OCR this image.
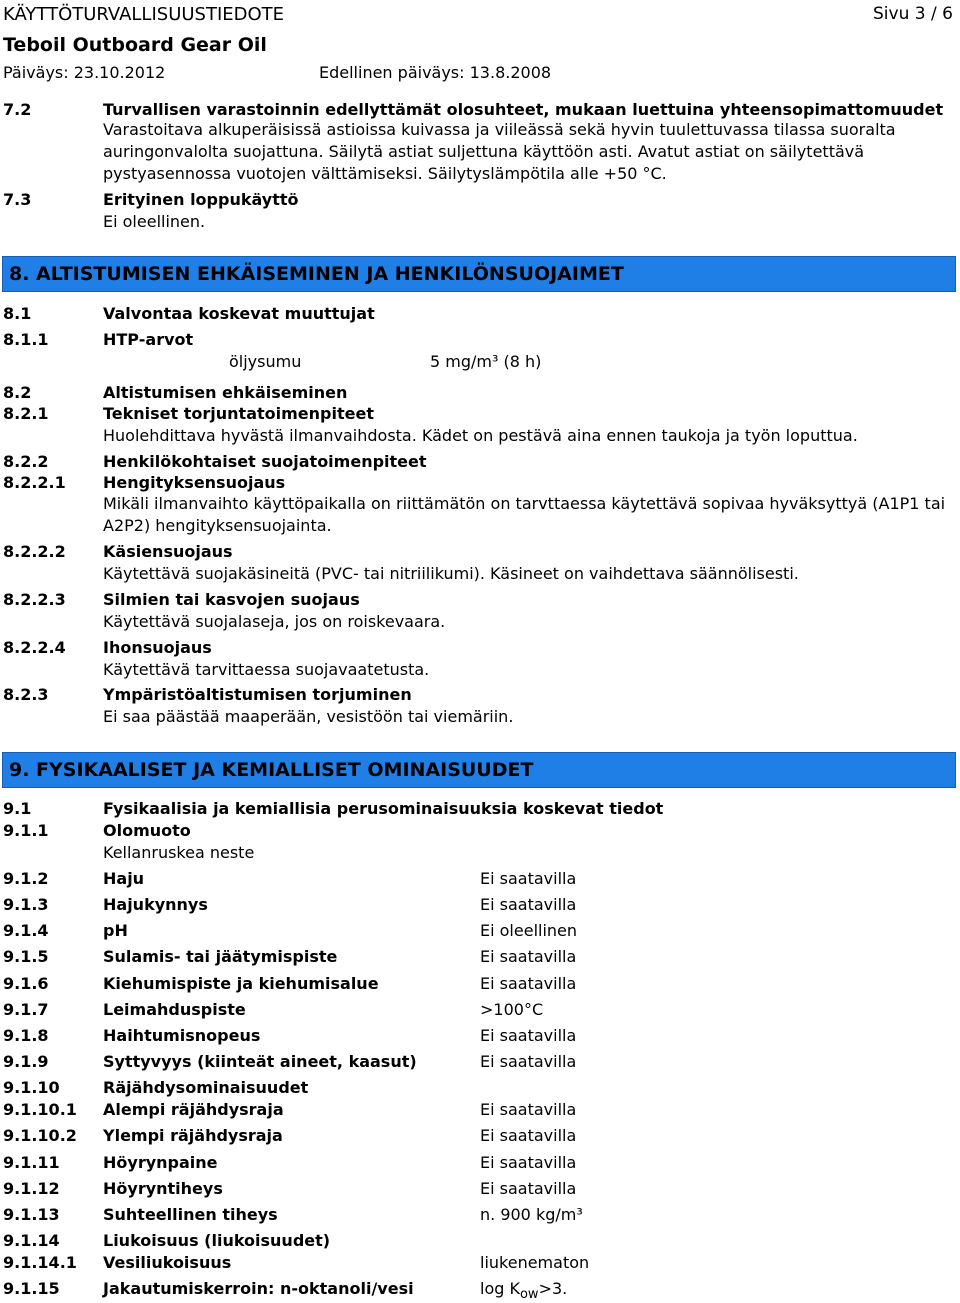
KÄYTTÖTURVALLISUUSTIEDOTE	Sivu 3 / 6
Teboil Outboard Gear Oil
Päiväys: 23.10.2012	Edellinen päiväys: 13.8.2008
7.2	Turvallisen varastoinnin edellyttämät olosuhteet, mukaan luettuina yhteensopimattomuudet
Varastoitava alkuperäisissä astioissa kuivassa ja viileässä sekä hyvin tuulettuvassa tilassa suoralta auringonvalolta suojattuna. Säilytä astiat suljettuna käyttöön asti. Avatut astiat on säilytettävä pystyasennossa vuotojen välttämiseksi. Säilytyslämpötila alle +50 °C.
7.3	Erityinen loppukäyttö
Ei oleellinen.
8. ALTISTUMISEN EHKÄISEMINEN JA HENKILÖNSUOJAIMET
8.1	Valvontaa koskevat muuttujat
8.1.1	HTP-arvot
öljysumu	5 mg/m³ (8 h)
8.2	Altistumisen ehkäiseminen
8.2.1	Tekniset torjuntatoimenpiteet
Huolehdittava hyvästä ilmanvaihdosta. Kädet on pestävä aina ennen taukoja ja työn loputtua.
8.2.2	Henkilökohtaiset suojatoimenpiteet
8.2.2.1 Hengityksensuojaus
Mikäli ilmanvaihto käyttöpaikalla on riittämätön on tarvttaessa käytettävä sopivaa hyväksyttyä (A1P1 tai A2P2) hengityksensuojainta.
8.2.2.2 Käsiensuojaus
Käytettävä suojakäsineitä (PVC- tai nitriilikumi). Käsineet on vaihdettava säännölisesti.
8.2.2.3 Silmien tai kasvojen suojaus
Käytettävä suojalaseja, jos on roiskevaara.
8.2.2.4 Ihonsuojaus
Käytettävä tarvittaessa suojavaatetusta.
8.2.3	Ympäristöaltistumisen torjuminen
Ei saa päästää maaperään, vesistöön tai viemäriin.
9. FYSIKAALISET JA KEMIALLISET OMINAISUUDET
9.1	Fysikaalisia ja kemiallisia perusominaisuuksia koskevat tiedot
9.1.1	Olomuoto
Kellanruskea neste
9.1.2	Haju	Ei saatavilla
9.1.3	Hajukynnys	Ei saatavilla
9.1.4	pH	Ei oleellinen
9.1.5	Sulamis- tai jäätymispiste	Ei saatavilla
9.1.6	Kiehumispiste ja kiehumisalue	Ei saatavilla
9.1.7	Leimahduspiste	>100°C
9.1.8	Haihtumisnopeus	Ei saatavilla
9.1.9	Syttyvyys (kiinteät aineet, kaasut)	Ei saatavilla
9.1.10	Räjähdysominaisuudet
9.1.10.1 Alempi räjähdysraja	Ei saatavilla
9.1.10.2 Ylempi räjähdysraja	Ei saatavilla
9.1.11	Höyrynpaine	Ei saatavilla
9.1.12	Höyryntiheys	Ei saatavilla
9.1.13	Suhteellinen tiheys	n. 900 kg/m³
9.1.14	Liukoisuus (liukoisuudet)
9.1.14.1 Vesiliukoisuus	liukenematon
9.1.15	Jakautumiskerroin: n-oktanoli/vesi	$\log K_{ow}>3$.
